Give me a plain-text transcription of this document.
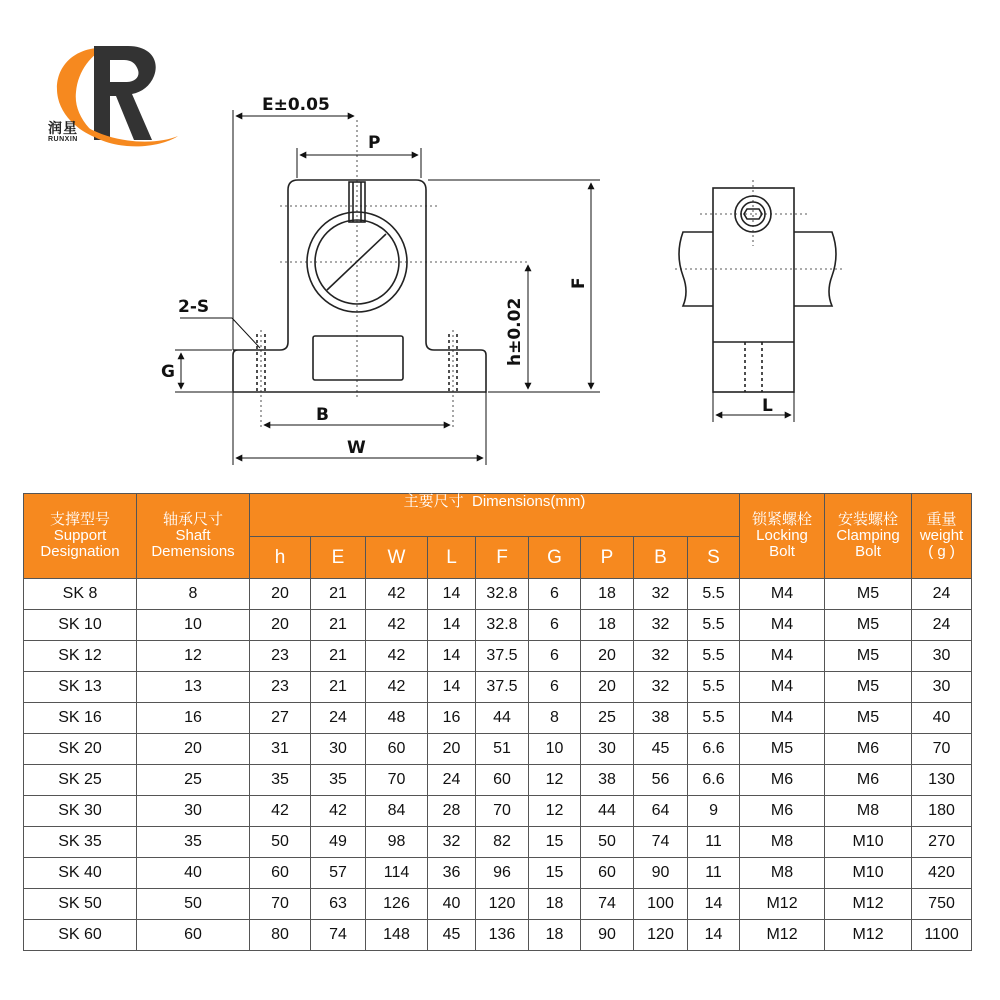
润星
RUNXIN
E±0.05
P
2-S
G
B
W
h±0.02
F
L
支撑型号
Support
Designation	轴承尺寸
Shaft
Demensions	主要尺寸 Dimensions(mm)									锁紧螺栓
Locking
Bolt	安装螺栓
Clamping
Bolt	重量
weight
( g )

		h	E	W	L	F	G	P	B	S			
SK 8	8	20	21	42	14	32.8	6	18	32	5.5	M4	M5	24
SK 10	10	20	21	42	14	32.8	6	18	32	5.5	M4	M5	24
SK 12	12	23	21	42	14	37.5	6	20	32	5.5	M4	M5	30
SK 13	13	23	21	42	14	37.5	6	20	32	5.5	M4	M5	30
SK 16	16	27	24	48	16	44	8	25	38	5.5	M4	M5	40
SK 20	20	31	30	60	20	51	10	30	45	6.6	M5	M6	70
SK 25	25	35	35	70	24	60	12	38	56	6.6	M6	M6	130
SK 30	30	42	42	84	28	70	12	44	64	9	M6	M8	180
SK 35	35	50	49	98	32	82	15	50	74	11	M8	M10	270
SK 40	40	60	57	114	36	96	15	60	90	11	M8	M10	420
SK 50	50	70	63	126	40	120	18	74	100	14	M12	M12	750
SK 60	60	80	74	148	45	136	18	90	120	14	M12	M12	1100
